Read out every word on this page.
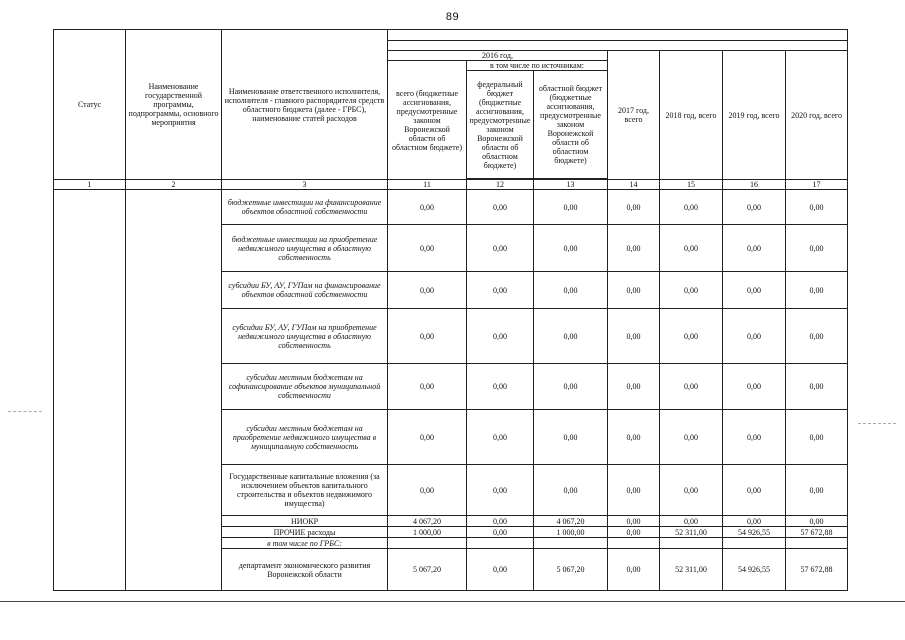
89
Статус	Наименование государственной программы, подпрограммы, основного мероприятия	Наименование ответственного исполнителя, исполнителя - главного распорядителя средств областного бюджета (далее - ГРБС), наименование статей расходов							

			2016 год,			2017 год, всего	2018 год, всего	2019 год, всего	2020 год, всего
			всего (бюджетные ассигнования, предусмотренные законом Воронежской области об областном бюджете)	в том числе по источникам:					
				федеральный бюджет (бюджетные ассигнования, предусмотренные законом Воронежской области об областном бюджете)	областной бюджет (бюджетные ассигнования, предусмотренные законом Воронежской области об областном бюджете)				

1	2	3	11	12	13	14	15	16	17
		бюджетные инвестиции на финансирование объектов областной собственности	0,00	0,00	0,00	0,00	0,00	0,00	0,00
		бюджетные инвестиции на приобретение недвижимого имущества в областную собственность	0,00	0,00	0,00	0,00	0,00	0,00	0,00
		субсидии БУ, АУ, ГУПам на финансирование объектов областной собственности	0,00	0,00	0,00	0,00	0,00	0,00	0,00
		субсидии БУ, АУ, ГУПам на приобретение недвижимого имущества в областную собственность	0,00	0,00	0,00	0,00	0,00	0,00	0,00
		субсидии местным бюджетам на софинансирование объектов муниципальной собственности	0,00	0,00	0,00	0,00	0,00	0,00	0,00
		субсидии местным бюджетам на приобретение недвижимого имущества в муниципальную собственность	0,00	0,00	0,00	0,00	0,00	0,00	0,00
		Государственные капитальные вложения (за исключением объектов капитального строительства и объектов недвижимого имущества)	0,00	0,00	0,00	0,00	0,00	0,00	0,00
		НИОКР	4 067,20	0,00	4 067,20	0,00	0,00	0,00	0,00
		ПРОЧИЕ расходы	1 000,00	0,00	1 000,00	0,00	52 311,00	54 926,55	57 672,88
		в том числе по ГРБС:							
		департамент экономического развития Воронежской области	5 067,20	0,00	5 067,20	0,00	52 311,00	54 926,55	57 672,88
